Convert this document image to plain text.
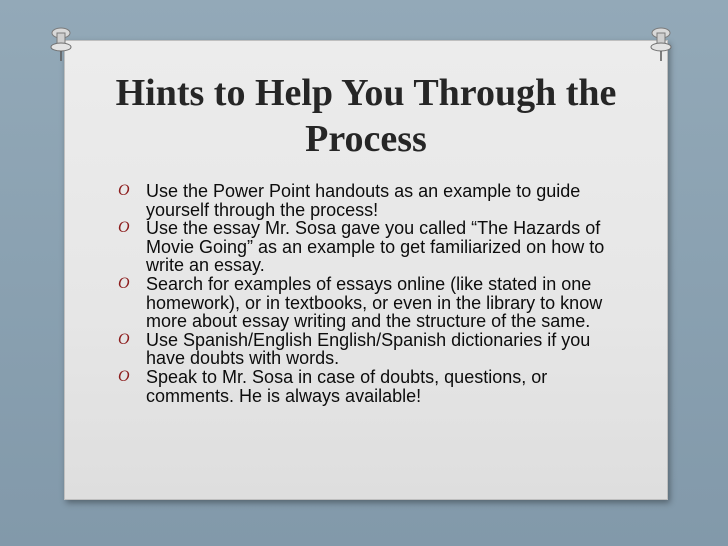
Hints to Help You Through the Process
O Use the Power Point handouts as an example to guide yourself through the process!
O Use the essay Mr. Sosa gave you called “The Hazards of Movie Going” as an example to get familiarized on how to write an essay.
O Search for examples of essays online (like stated in one homework), or in textbooks, or even in the library to know more about essay writing and the structure of the same.
O Use Spanish/English English/Spanish dictionaries if you have doubts with words.
O Speak to Mr. Sosa in case of doubts, questions, or comments. He is always available!
